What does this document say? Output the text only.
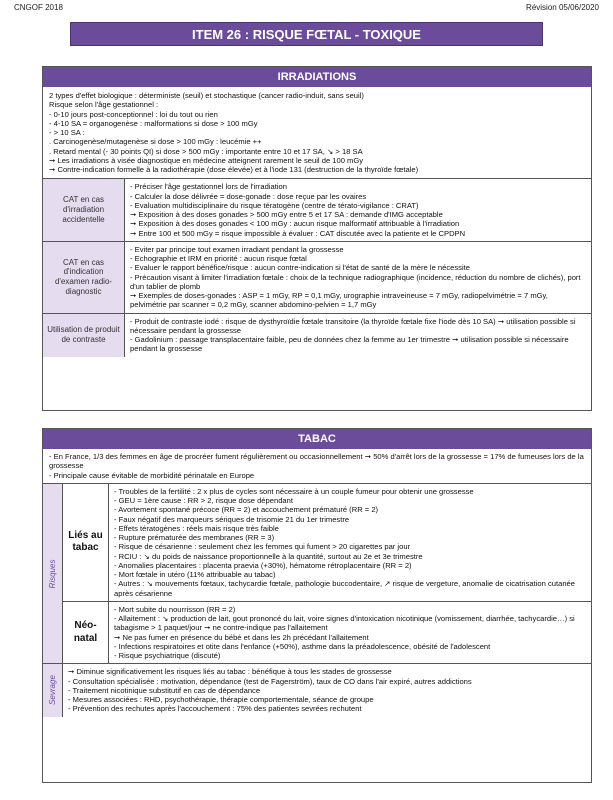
CNGOF 2018	Révision 05/06/2020
ITEM 26 : RISQUE FŒTAL - TOXIQUE
IRRADIATIONS
2 types d'effet biologique : déterministe (seuil) et stochastique (cancer radio-induit, sans seuil)
Risque selon l'âge gestationnel :
- 0-10 jours post-conceptionnel : loi du tout ou rien
- 4-10 SA = organogenèse : malformations si dose > 100 mGy
- > 10 SA :
. Carcinogenèse/mutagenèse si dose > 100 mGy : leucémie ++
. Retard mental (- 30 points QI) si dose > 500 mGy : importante entre 10 et 17 SA, ↘ > 18 SA
➞ Les irradiations à visée diagnostique en médecine atteignent rarement le seuil de 100 mGy
➞ Contre-indication formelle à la radiothérapie (dose élevée) et à l'iode 131 (destruction de la thyroïde fœtale)
CAT en cas d'irradiation accidentelle
- Préciser l'âge gestationnel lors de l'irradiation
- Calculer la dose délivrée = dose-gonade : dose reçue par les ovaires
- Evaluation multidisciplinaire du risque tératogène (centre de térato-vigilance : CRAT)
➞ Exposition à des doses gonades > 500 mGy entre 5 et 17 SA : demande d'IMG acceptable
➞ Exposition à des doses gonades < 100 mGy : aucun risque malformatif attribuable à l'irradiation
➞ Entre 100 et 500 mGy = risque impossible à évaluer : CAT discutée avec la patiente et le CPDPN
CAT en cas d'indication d'examen radio-diagnostic
- Eviter par principe tout examen irradiant pendant la grossesse
- Echographie et IRM en priorité : aucun risque fœtal
- Evaluer le rapport bénéfice/risque : aucun contre-indication si l'état de santé de la mère le nécessite
- Précaution visant à limiter l'irradiation fœtale : choix de la technique radiographique (incidence, réduction du nombre de clichés), port d'un tablier de plomb
➞ Exemples de doses-gonades : ASP = 1 mGy, RP = 0,1 mGy, urographie intraveineuse = 7 mGy, radiopelvimétrie = 7 mGy, pelvimétrie par scanner = 0,2 mGy, scanner abdomino-pelvien = 1,7 mGy
Utilisation de produit de contraste
- Produit de contraste iodé : risque de dysthyroïdie fœtale transitoire (la thyroïde fœtale fixe l'iode dès 10 SA) ➞ utilisation possible si nécessaire pendant la grossesse
- Gadolinium : passage transplacentaire faible, peu de données chez la femme au 1er trimestre ➞ utilisation possible si nécessaire pendant la grossesse
TABAC
- En France, 1/3 des femmes en âge de procréer fument régulièrement ou occasionnellement ➞ 50% d'arrêt lors de la grossesse = 17% de fumeuses lors de la grossesse
- Principale cause évitable de morbidité périnatale en Europe
Risques
Liés au tabac
- Troubles de la fertilité : 2 x plus de cycles sont nécessaire à un couple fumeur pour obtenir une grossesse
- GEU = 1ère cause : RR > 2, risque dose dépendant
- Avortement spontané précoce (RR = 2) et accouchement prématuré (RR = 2)
- Faux négatif des marqueurs sériques de trisomie 21 du 1er trimestre
- Effets tératogènes : réels mais risque très faible
- Rupture prématurée des membranes (RR = 3)
- Risque de césarienne : seulement chez les femmes qui fument > 20 cigarettes par jour
- RCIU : ↘ du poids de naissance proportionnelle à la quantité, surtout au 2e et 3e trimestre
- Anomalies placentaires : placenta praevia (+30%), hématome rétroplacentaire (RR = 2)
- Mort fœtale in utéro (11% attribuable au tabac)
- Autres : ↘ mouvements fœtaux, tachycardie fœtale, pathologie buccodentaire, ↗ risque de vergeture, anomalie de cicatrisation cutanée après césarienne
Néo-natal
- Mort subite du nourrisson (RR = 2)
- Allaitement : ↘ production de lait, gout prononcé du lait, voire signes d'intoxication nicotinique (vomissement, diarrhée, tachycardie…) si tabagisme > 1 paquet/jour ➞ ne contre-indique pas l'allaitement
➞ Ne pas fumer en présence du bébé et dans les 2h précédant l'allaitement
- Infections respiratoires et otite dans l'enfance (+50%), asthme dans la préadolescence, obésité de l'adolescent
- Risque psychiatrique (discuté)
Sevrage
➞ Diminue significativement les risques liés au tabac : bénéfique à tous les stades de grossesse
- Consultation spécialisée : motivation, dépendance (test de Fagerström), taux de CO dans l'air expiré, autres addictions
- Traitement nicotinique substitutif en cas de dépendance
- Mesures associées : RHD, psychothérapie, thérapie comportementale, séance de groupe
- Prévention des rechutes après l'accouchement : 75% des patientes sevrées rechutent
